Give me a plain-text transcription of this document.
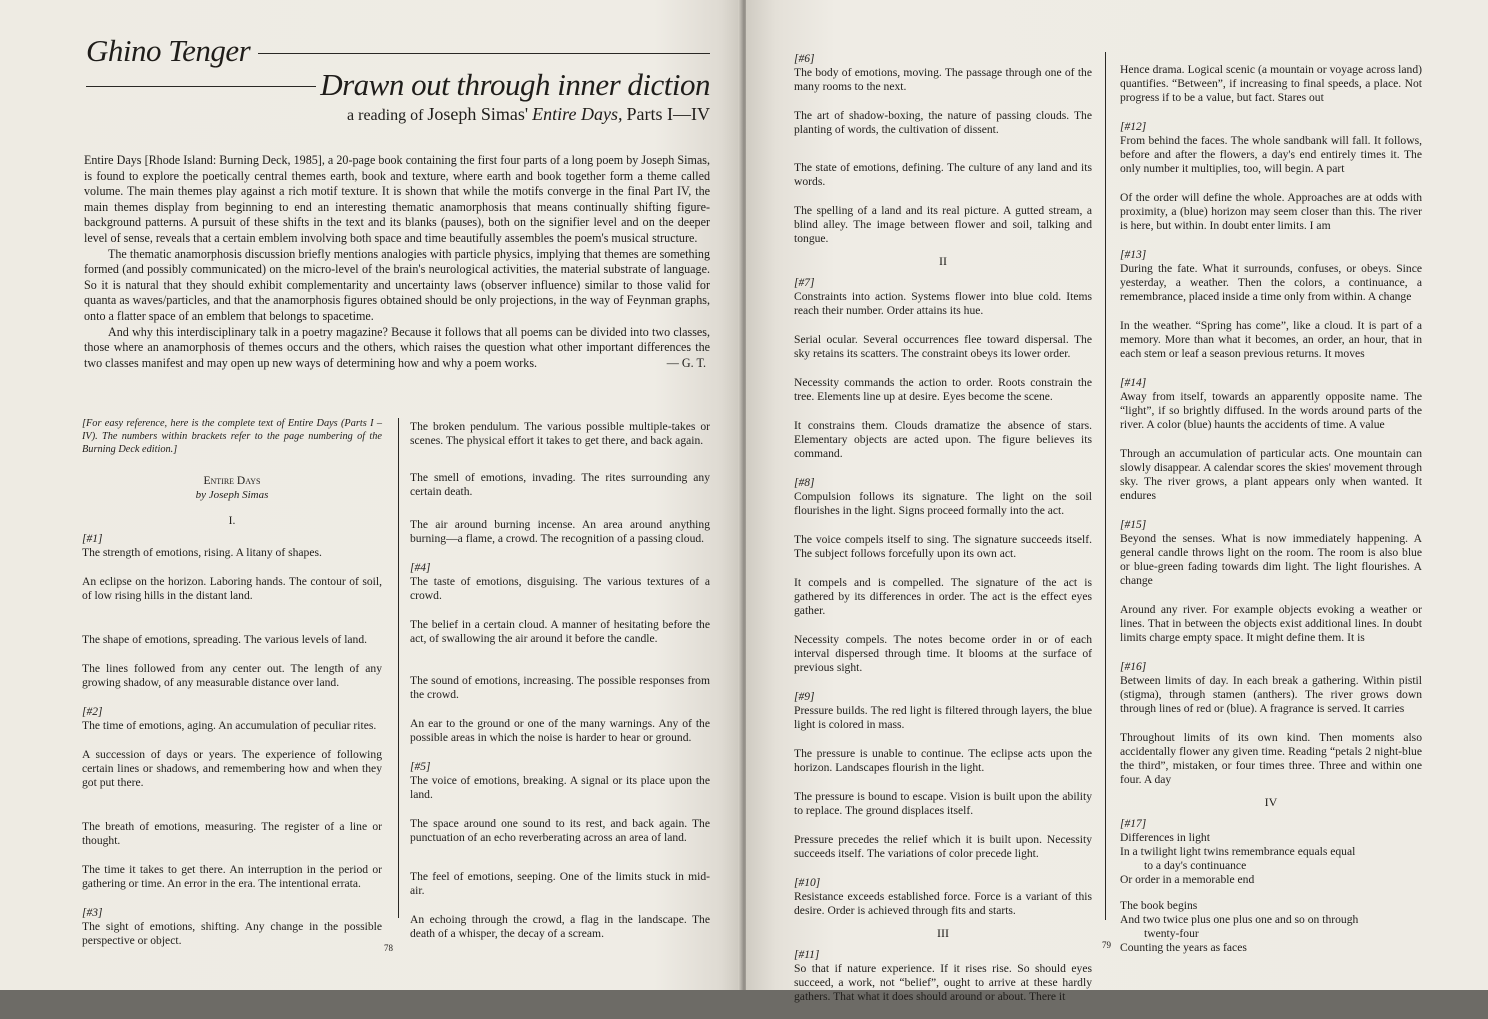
Ghino Tenger
Drawn out through inner diction
a reading of Joseph Simas' Entire Days, Parts I—IV

Entire Days [Rhode Island: Burning Deck, 1985], a 20-page book containing the first four parts of a long poem by Joseph Simas, is found to explore the poetically central themes earth, book and texture, where earth and book together form a theme called volume. The main themes play against a rich motif texture. It is shown that while the motifs converge in the final Part IV, the main themes display from beginning to end an interesting thematic anamorphosis that means continually shifting figure-background patterns. A pursuit of these shifts in the text and its blanks (pauses), both on the signifier level and on the deeper level of sense, reveals that a certain emblem involving both space and time beautifully assembles the poem's musical structure.

The thematic anamorphosis discussion briefly mentions analogies with particle physics, implying that themes are something formed (and possibly communicated) on the micro-level of the brain's neurological activities, the material substrate of language. So it is natural that they should exhibit complementarity and uncertainty laws (observer influence) similar to those valid for quanta as waves/particles, and that the anamorphosis figures obtained should be only projections, in the way of Feynman graphs, onto a flatter space of an emblem that belongs to spacetime.

And why this interdisciplinary talk in a poetry magazine? Because it follows that all poems can be divided into two classes, those where an anamorphosis of themes occurs and the others, which raises the question what other important differences the two classes manifest and may open up new ways of determining how and why a poem works.	— G. T.

[For easy reference, here is the complete text of Entire Days (Parts I – IV). The numbers within brackets refer to the page numbering of the Burning Deck edition.]

Entire Days

by Joseph Simas

I.

[#1]
The strength of emotions, rising. A litany of shapes.

An eclipse on the horizon. Laboring hands. The contour of soil, of low rising hills in the distant land.

The shape of emotions, spreading. The various levels of land.

The lines followed from any center out. The length of any growing shadow, of any measurable distance over land.

[#2]
The time of emotions, aging. An accumulation of peculiar rites.

A succession of days or years. The experience of following certain lines or shadows, and remembering how and when they got put there.

The breath of emotions, measuring. The register of a line or thought.

The time it takes to get there. An interruption in the period or gathering or time. An error in the era. The intentional errata.

[#3]
The sight of emotions, shifting. Any change in the possible perspective or object.

The broken pendulum. The various possible multiple-takes or scenes. The physical effort it takes to get there, and back again.

The smell of emotions, invading. The rites surrounding any certain death.

The air around burning incense. An area around anything burning—a flame, a crowd. The recognition of a passing cloud.

[#4]
The taste of emotions, disguising. The various textures of a crowd.

The belief in a certain cloud. A manner of hesitating before the act, of swallowing the air around it before the candle.

The sound of emotions, increasing. The possible responses from the crowd.

An ear to the ground or one of the many warnings. Any of the possible areas in which the noise is harder to hear or ground.

[#5]
The voice of emotions, breaking. A signal or its place upon the land.

The space around one sound to its rest, and back again. The punctuation of an echo reverberating across an area of land.

The feel of emotions, seeping. One of the limits stuck in mid-air.

An echoing through the crowd, a flag in the landscape. The death of a whisper, the decay of a scream.

78

[#6]
The body of emotions, moving. The passage through one of the many rooms to the next.

The art of shadow-boxing, the nature of passing clouds. The planting of words, the cultivation of dissent.

The state of emotions, defining. The culture of any land and its words.

The spelling of a land and its real picture. A gutted stream, a blind alley. The image between flower and soil, talking and tongue.

II

[#7]
Constraints into action. Systems flower into blue cold. Items reach their number. Order attains its hue.

Serial ocular. Several occurrences flee toward dispersal. The sky retains its scatters. The constraint obeys its lower order.

Necessity commands the action to order. Roots constrain the tree. Elements line up at desire. Eyes become the scene.

It constrains them. Clouds dramatize the absence of stars. Elementary objects are acted upon. The figure believes its command.

[#8]
Compulsion follows its signature. The light on the soil flourishes in the light. Signs proceed formally into the act.

The voice compels itself to sing. The signature succeeds itself. The subject follows forcefully upon its own act.

It compels and is compelled. The signature of the act is gathered by its differences in order. The act is the effect eyes gather.

Necessity compels. The notes become order in or of each interval dispersed through time. It blooms at the surface of previous sight.

[#9]
Pressure builds. The red light is filtered through layers, the blue light is colored in mass.

The pressure is unable to continue. The eclipse acts upon the horizon. Landscapes flourish in the light.

The pressure is bound to escape. Vision is built upon the ability to replace. The ground displaces itself.

Pressure precedes the relief which it is built upon. Necessity succeeds itself. The variations of color precede light.

[#10]
Resistance exceeds established force. Force is a variant of this desire. Order is achieved through fits and starts.

III

[#11]
So that if nature experience. If it rises rise. So should eyes succeed, a work, not “belief”, ought to arrive at these hardly gathers. That what it does should around or about. There it

Hence drama. Logical scenic (a mountain or voyage across land) quantifies. “Between”, if increasing to final speeds, a place. Not progress if to be a value, but fact. Stares out

[#12]
From behind the faces. The whole sandbank will fall. It follows, before and after the flowers, a day's end entirely times it. The only number it multiplies, too, will begin. A part

Of the order will define the whole. Approaches are at odds with proximity, a (blue) horizon may seem closer than this. The river is here, but within. In doubt enter limits. I am

[#13]
During the fate. What it surrounds, confuses, or obeys. Since yesterday, a weather. Then the colors, a continuance, a remembrance, placed inside a time only from within. A change

In the weather. “Spring has come”, like a cloud. It is part of a memory. More than what it becomes, an order, an hour, that in each stem or leaf a season previous returns. It moves

[#14]
Away from itself, towards an apparently opposite name. The “light”, if so brightly diffused. In the words around parts of the river. A color (blue) haunts the accidents of time. A value

Through an accumulation of particular acts. One mountain can slowly disappear. A calendar scores the skies' movement through sky. The river grows, a plant appears only when wanted. It endures

[#15]
Beyond the senses. What is now immediately happening. A general candle throws light on the room. The room is also blue or blue-green fading towards dim light. The light flourishes. A change

Around any river. For example objects evoking a weather or lines. That in between the objects exist additional lines. In doubt limits charge empty space. It might define them. It is

[#16]
Between limits of day. In each break a gathering. Within pistil (stigma), through stamen (anthers). The river grows down through lines of red or (blue). A fragrance is served. It carries

Throughout limits of its own kind. Then moments also accidentally flower any given time. Reading “petals 2 night-blue the third”, mistaken, or four times three. Three and within one four. A day

IV

[#17]

Differences in light

In a twilight light twins remembrance equals equal

to a day's continuance

Or order in a memorable end

The book begins

And two twice plus one plus one and so on through

twenty-four

Counting the years as faces

79
